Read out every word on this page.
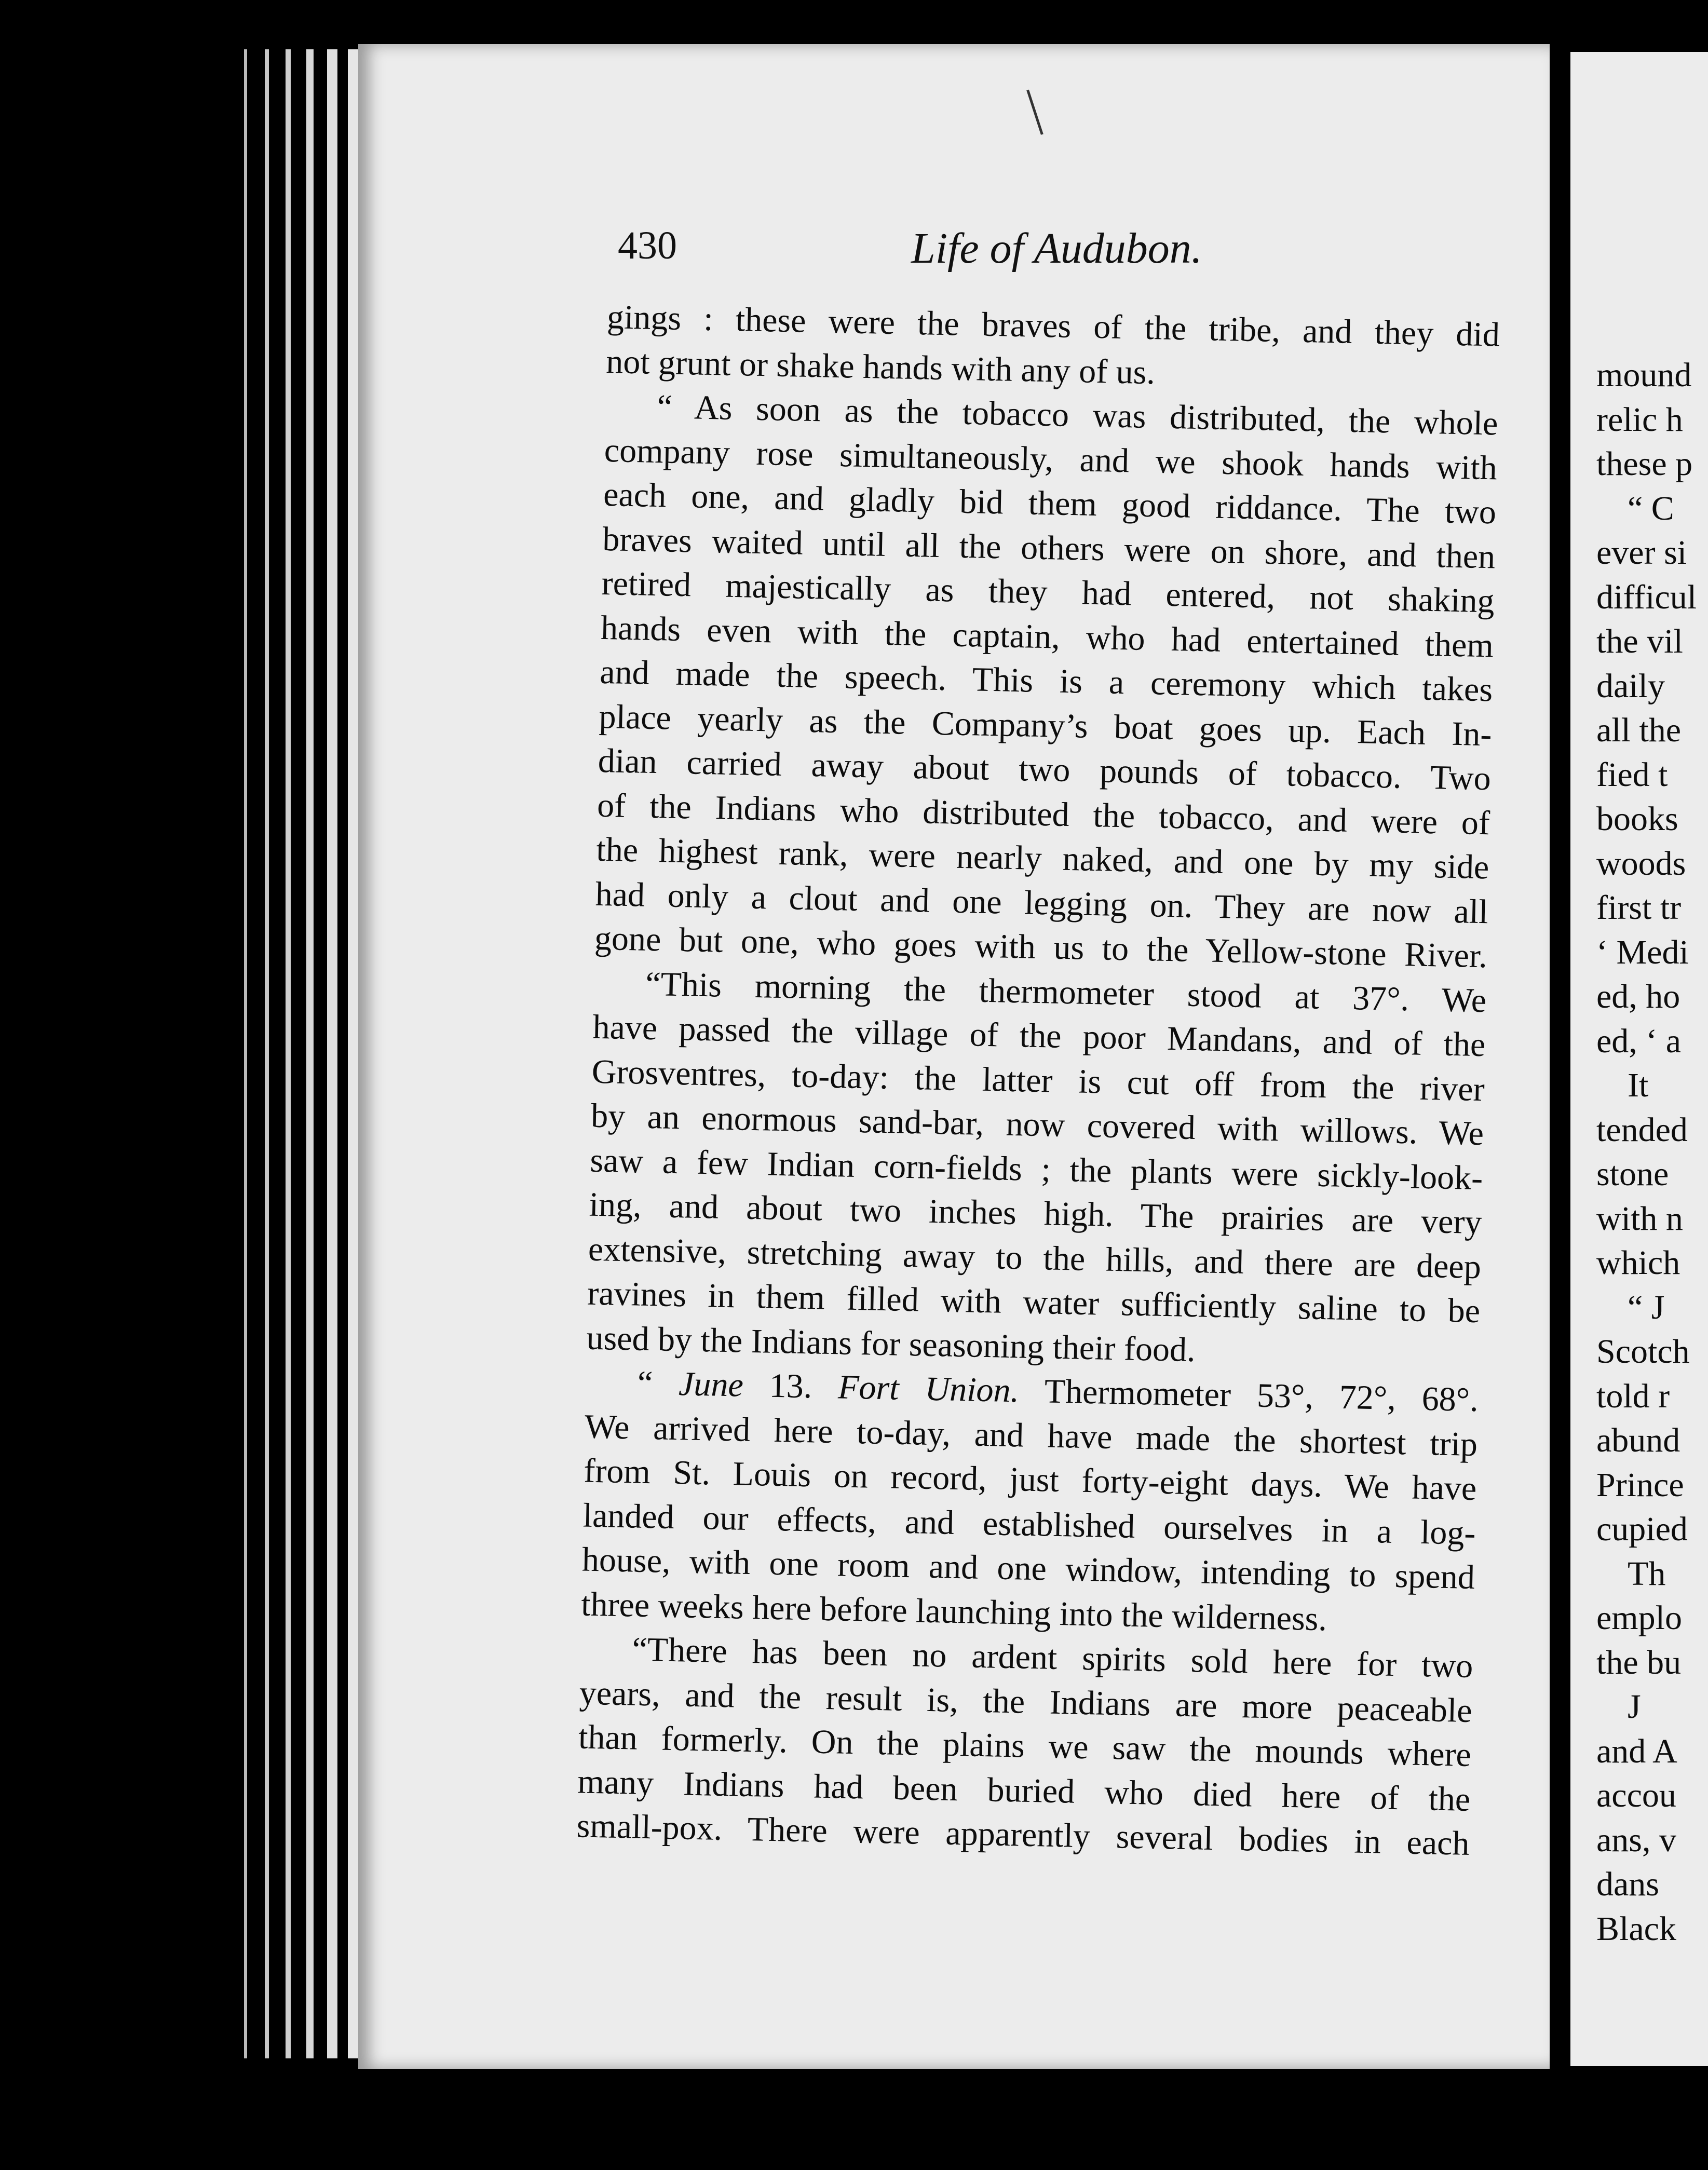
430	Life of Audubon.
gings : these were the braves of the tribe, and they did
not grunt or shake hands with any of us.
“ As soon as the tobacco was distributed, the whole
company rose simultaneously, and we shook hands with
each one, and gladly bid them good riddance. The two
braves waited until all the others were on shore, and then
retired majestically as they had entered, not shaking
hands even with the captain, who had entertained them
and made the speech. This is a ceremony which takes
place yearly as the Company’s boat goes up. Each In-
dian carried away about two pounds of tobacco. Two
of the Indians who distributed the tobacco, and were of
the highest rank, were nearly naked, and one by my side
had only a clout and one legging on. They are now all
gone but one, who goes with us to the Yellow-stone River.
“This morning the thermometer stood at 37°. We
have passed the village of the poor Mandans, and of the
Grosventres, to-day: the latter is cut off from the river
by an enormous sand-bar, now covered with willows. We
saw a few Indian corn-fields ; the plants were sickly-look-
ing, and about two inches high. The prairies are very
extensive, stretching away to the hills, and there are deep
ravines in them filled with water sufficiently saline to be
used by the Indians for seasoning their food.
“ June 13. Fort Union. Thermometer 53°, 72°, 68°.
We arrived here to-day, and have made the shortest trip
from St. Louis on record, just forty-eight days. We have
landed our effects, and established ourselves in a log-
house, with one room and one window, intending to spend
three weeks here before launching into the wilderness.
“There has been no ardent spirits sold here for two
years, and the result is, the Indians are more peaceable
than formerly. On the plains we saw the mounds where
many Indians had been buried who died here of the
small-pox. There were apparently several bodies in each
mound
relic h
these p
“ C
ever si
difficul
the vil
daily
all the
fied t
books
woods
first tr
‘ Medi
ed, ho
ed, ‘ a
It
tended
stone
with n
which
“ J
Scotch
told r
abund
Prince
cupied
Th
emplo
the bu
J
and A
accou
ans, v
dans
Black
